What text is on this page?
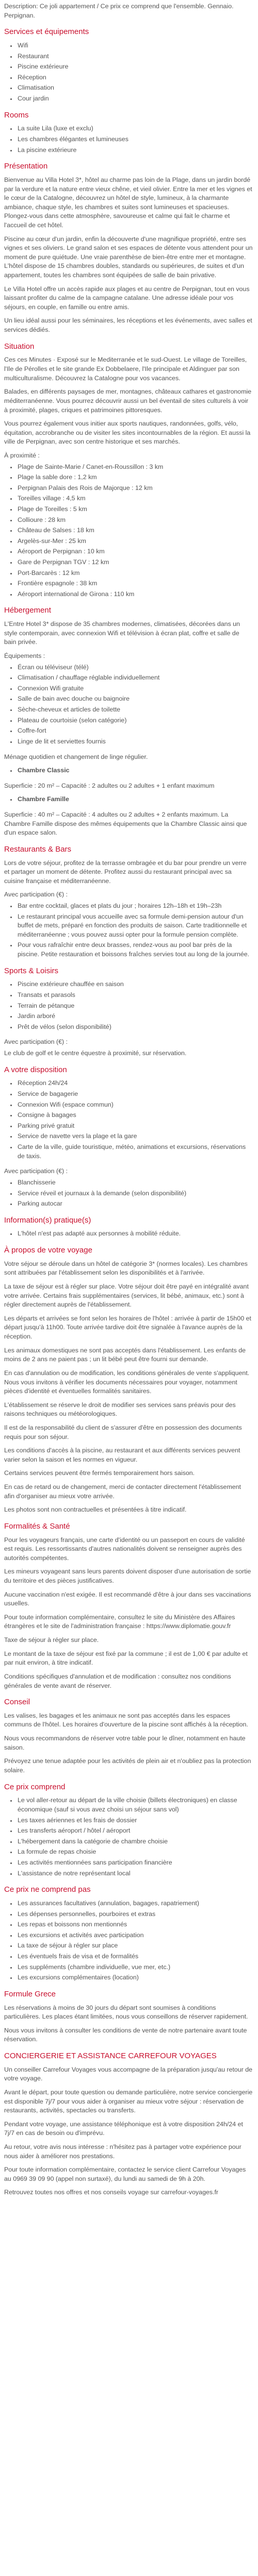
Description: Ce joli appartement / Ce prix ce comprend que l'ensemble. Gennaio. Perpignan.

Services et équipements
• Wifi
• Restaurant
• Piscine extérieure
• Réception
• Climatisation
• Cour jardin
Rooms
• La suite Lila (luxe et exclu)
• Les chambres élégantes et lumineuses
• La piscine extérieure
Présentation

Bienvenue au Villa Hotel 3*, hôtel au charme pas loin de la Plage, dans un jardin bordé par la verdure et la nature entre vieux chêne, et vieil olivier. Entre la mer et les vignes et le cœur de la Catalogne, découvrez un hôtel de style, lumineux, à la charmante ambiance, chaque style, les chambres et suites sont lumineuses et spacieuses. Plongez-vous dans cette atmosphère, savoureuse et calme qui fait le charme et l'accueil de cet hôtel.

Piscine au cœur d'un jardin, enfin la découverte d'une magnifique propriété, entre ses vignes et ses oliviers. Le grand salon et ses espaces de détente vous attendent pour un moment de pure quiétude. Une vraie parenthèse de bien-être entre mer et montagne. L'hôtel dispose de 15 chambres doubles, standards ou supérieures, de suites et d'un appartement, toutes les chambres sont équipées de salle de bain privative.

Le Villa Hotel offre un accès rapide aux plages et au centre de Perpignan, tout en vous laissant profiter du calme de la campagne catalane. Une adresse idéale pour vos séjours, en couple, en famille ou entre amis.

Un lieu idéal aussi pour les séminaires, les réceptions et les événements, avec salles et services dédiés.

Situation

Ces ces Minutes · Exposé sur le Mediterranée et le sud-Ouest. Le village de Toreilles, l'Ile de Pérolles et le site grande Ex Dobbelaere, l'Ile principale et Aldinguer par son multiculturalisme. Découvrez la Catalogne pour vos vacances.

Balades, en différents paysages de mer, montagnes, châteaux cathares et gastronomie méditerranéenne. Vous pourrez découvrir aussi un bel éventail de sites culturels à voir à proximité, plages, criques et patrimoines pittoresques.

Vous pourrez également vous initier aux sports nautiques, randonnées, golfs, vélo, équitation, accrobranche ou de visiter les sites incontournables de la région. Et aussi la ville de Perpignan, avec son centre historique et ses marchés.

À proximité :
• Plage de Sainte-Marie / Canet-en-Roussillon : 3 km
• Plage la sable dore : 1,2 km
• Perpignan Palais des Rois de Majorque : 12 km
• Toreilles village : 4,5 km
• Plage de Toreilles : 5 km
• Collioure : 28 km
• Château de Salses : 18 km
• Argelès-sur-Mer : 25 km
• Aéroport de Perpignan : 10 km
• Gare de Perpignan TGV : 12 km
• Port-Barcarès : 12 km
• Frontière espagnole : 38 km
• Aéroport international de Girona : 110 km
Hébergement

L'Entre Hotel 3* dispose de 35 chambres modernes, climatisées, décorées dans un style contemporain, avec connexion Wifi et télévision à écran plat, coffre et salle de bain privée.

Équipements :
• Écran ou téléviseur (télé)
• Climatisation / chauffage réglable individuellement
• Connexion Wifi gratuite
• Salle de bain avec douche ou baignoire
• Sèche-cheveux et articles de toilette
• Plateau de courtoisie (selon catégorie)
• Coffre-fort
• Linge de lit et serviettes fournis

Ménage quotidien et changement de linge régulier.

• Chambre Classic

Superficie : 20 m² – Capacité : 2 adultes ou 2 adultes + 1 enfant maximum

• Chambre Famille

Superficie : 40 m² – Capacité : 4 adultes ou 2 adultes + 2 enfants maximum. La Chambre Famille dispose des mêmes équipements que la Chambre Classic ainsi que d'un espace salon.

Restaurants & Bars

Lors de votre séjour, profitez de la terrasse ombragée et du bar pour prendre un verre et partager un moment de détente. Profitez aussi du restaurant principal avec sa cuisine française et méditerranéenne.

Avec participation (€) :
• Bar entre cocktail, glaces et plats du jour ; horaires 12h–18h et 19h–23h
• Le restaurant principal vous accueille avec sa formule demi-pension autour d'un buffet de mets, préparé en fonction des produits de saison. Carte traditionnelle et méditerranéenne ; vous pouvez aussi opter pour la formule pension complète.
• Pour vous rafraîchir entre deux brasses, rendez-vous au pool bar près de la piscine. Petite restauration et boissons fraîches servies tout au long de la journée.
Sports & Loisirs
• Piscine extérieure chauffée en saison
• Transats et parasols
• Terrain de pétanque
• Jardin arboré
• Prêt de vélos (selon disponibilité)
Avec participation (€) :

Le club de golf et le centre équestre à proximité, sur réservation.

A votre disposition
• Réception 24h/24
• Service de bagagerie
• Connexion Wifi (espace commun)
• Consigne à bagages
• Parking privé gratuit
• Service de navette vers la plage et la gare
• Carte de la ville, guide touristique, météo, animations et excursions, réservations de taxis.
Avec participation (€) :
• Blanchisserie
• Service réveil et journaux à la demande (selon disponibilité)
• Parking autocar
Information(s) pratique(s)
• L'hôtel n'est pas adapté aux personnes à mobilité réduite.
À propos de votre voyage

Votre séjour se déroule dans un hôtel de catégorie 3* (normes locales). Les chambres sont attribuées par l'établissement selon les disponibilités et à l'arrivée.

La taxe de séjour est à régler sur place. Votre séjour doit être payé en intégralité avant votre arrivée. Certains frais supplémentaires (services, lit bébé, animaux, etc.) sont à régler directement auprès de l'établissement.

Les départs et arrivées se font selon les horaires de l'hôtel : arrivée à partir de 15h00 et départ jusqu'à 11h00. Toute arrivée tardive doit être signalée à l'avance auprès de la réception.

Les animaux domestiques ne sont pas acceptés dans l'établissement. Les enfants de moins de 2 ans ne paient pas ; un lit bébé peut être fourni sur demande.

En cas d'annulation ou de modification, les conditions générales de vente s'appliquent. Nous vous invitons à vérifier les documents nécessaires pour voyager, notamment pièces d'identité et éventuelles formalités sanitaires.

L'établissement se réserve le droit de modifier ses services sans préavis pour des raisons techniques ou météorologiques.

Il est de la responsabilité du client de s'assurer d'être en possession des documents requis pour son séjour.

Les conditions d'accès à la piscine, au restaurant et aux différents services peuvent varier selon la saison et les normes en vigueur.

Certains services peuvent être fermés temporairement hors saison.

En cas de retard ou de changement, merci de contacter directement l'établissement afin d'organiser au mieux votre arrivée.

Les photos sont non contractuelles et présentées à titre indicatif.

Formalités & Santé

Pour les voyageurs français, une carte d'identité ou un passeport en cours de validité est requis. Les ressortissants d'autres nationalités doivent se renseigner auprès des autorités compétentes.

Les mineurs voyageant sans leurs parents doivent disposer d'une autorisation de sortie du territoire et des pièces justificatives.

Aucune vaccination n'est exigée. Il est recommandé d'être à jour dans ses vaccinations usuelles.

Pour toute information complémentaire, consultez le site du Ministère des Affaires étrangères et le site de l'administration française : https://www.diplomatie.gouv.fr

Taxe de séjour à régler sur place.

Le montant de la taxe de séjour est fixé par la commune ; il est de 1,00 € par adulte et par nuit environ, à titre indicatif.

Conditions spécifiques d'annulation et de modification : consultez nos conditions générales de vente avant de réserver.

Conseil

Les valises, les bagages et les animaux ne sont pas acceptés dans les espaces communs de l'hôtel. Les horaires d'ouverture de la piscine sont affichés à la réception.

Nous vous recommandons de réserver votre table pour le dîner, notamment en haute saison.

Prévoyez une tenue adaptée pour les activités de plein air et n'oubliez pas la protection solaire.

Ce prix comprend
• Le vol aller-retour au départ de la ville choisie (billets électroniques) en classe économique (sauf si vous avez choisi un séjour sans vol)
• Les taxes aériennes et les frais de dossier
• Les transferts aéroport / hôtel / aéroport
• L'hébergement dans la catégorie de chambre choisie
• La formule de repas choisie
• Les activités mentionnées sans participation financière
• L'assistance de notre représentant local
Ce prix ne comprend pas
• Les assurances facultatives (annulation, bagages, rapatriement)
• Les dépenses personnelles, pourboires et extras
• Les repas et boissons non mentionnés
• Les excursions et activités avec participation
• La taxe de séjour à régler sur place
• Les éventuels frais de visa et de formalités
• Les suppléments (chambre individuelle, vue mer, etc.)
• Les excursions complémentaires (location)
Formule Grece

Les réservations à moins de 30 jours du départ sont soumises à conditions particulières. Les places étant limitées, nous vous conseillons de réserver rapidement.

Nous vous invitons à consulter les conditions de vente de notre partenaire avant toute réservation.

CONCIERGERIE ET ASSISTANCE CARREFOUR VOYAGES

Un conseiller Carrefour Voyages vous accompagne de la préparation jusqu'au retour de votre voyage.

Avant le départ, pour toute question ou demande particulière, notre service conciergerie est disponible 7j/7 pour vous aider à organiser au mieux votre séjour : réservation de restaurants, activités, spectacles ou transferts.

Pendant votre voyage, une assistance téléphonique est à votre disposition 24h/24 et 7j/7 en cas de besoin ou d'imprévu.

Au retour, votre avis nous intéresse : n'hésitez pas à partager votre expérience pour nous aider à améliorer nos prestations.

Pour toute information complémentaire, contactez le service client Carrefour Voyages au 0969 39 09 90 (appel non surtaxé), du lundi au samedi de 9h à 20h.

Retrouvez toutes nos offres et nos conseils voyage sur carrefour-voyages.fr
